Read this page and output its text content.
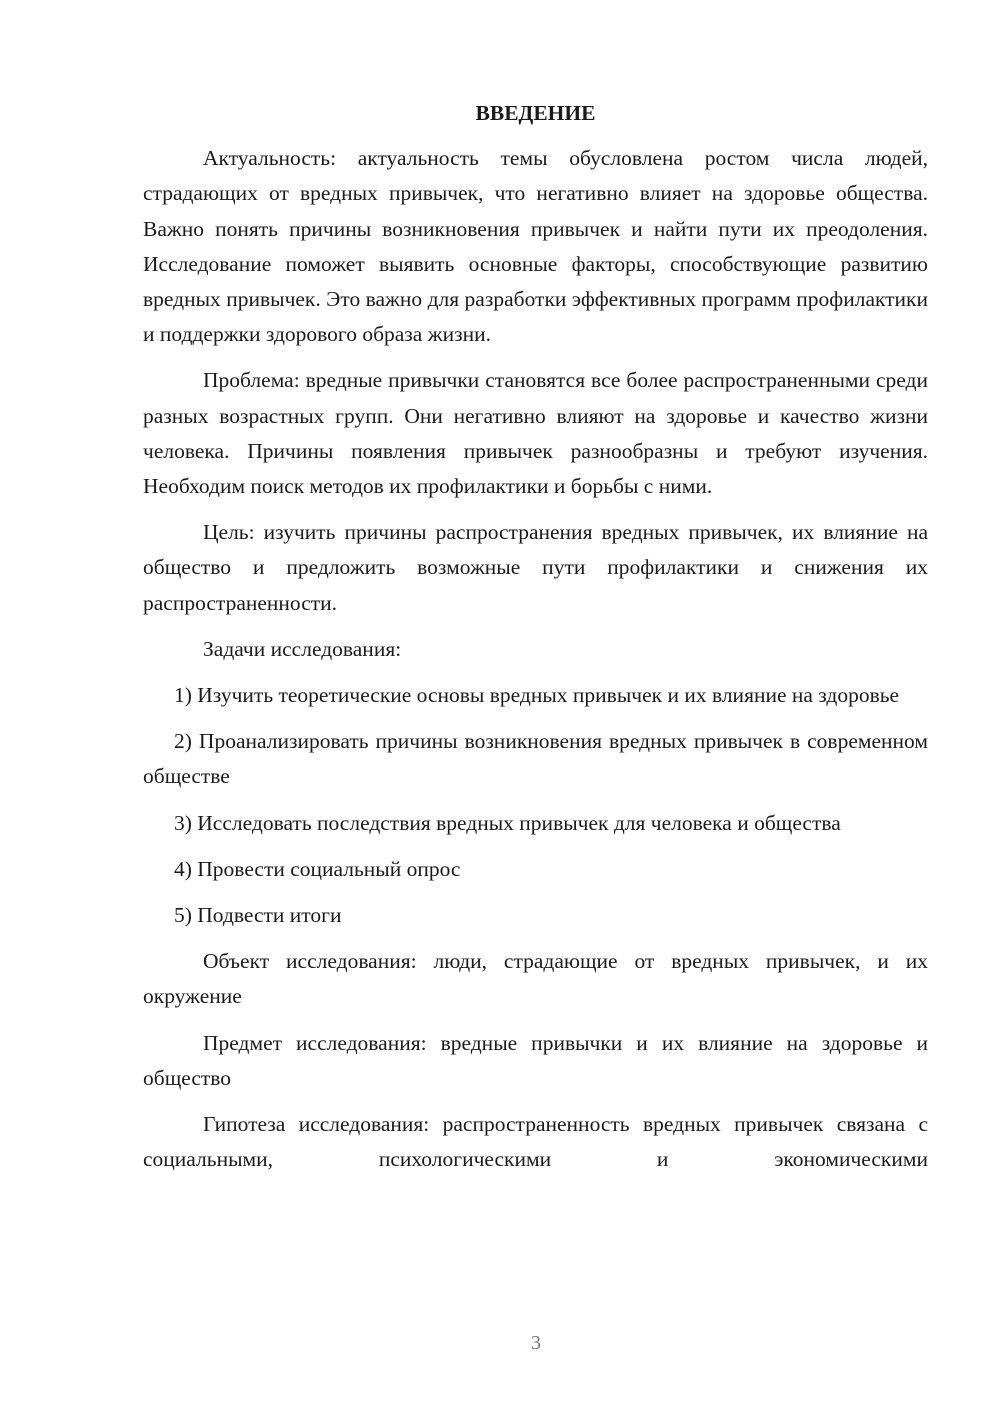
ВВЕДЕНИЕ

Актуальность: актуальность темы обусловлена ростом числа людей, страдающих от вредных привычек, что негативно влияет на здоровье общества. Важно понять причины возникновения привычек и найти пути их преодоления. Исследование поможет выявить основные факторы, способствующие развитию вредных привычек. Это важно для разработки эффективных программ профилактики и поддержки здорового образа жизни.

Проблема: вредные привычки становятся все более распространенными среди разных возрастных групп. Они негативно влияют на здоровье и качество жизни человека. Причины появления привычек разнообразны и требуют изучения. Необходим поиск методов их профилактики и борьбы с ними.

Цель: изучить причины распространения вредных привычек, их влияние на общество и предложить возможные пути профилактики и снижения их распространенности.

Задачи исследования:

1) Изучить теоретические основы вредных привычек и их влияние на здоровье

2) Проанализировать причины возникновения вредных привычек в современном обществе

3) Исследовать последствия вредных привычек для человека и общества

4) Провести социальный опрос

5) Подвести итоги

Объект исследования: люди, страдающие от вредных привычек, и их окружение

Предмет исследования: вредные привычки и их влияние на здоровье и общество

Гипотеза исследования: распространенность вредных привычек связана с социальными, психологическими и экономическими

3
